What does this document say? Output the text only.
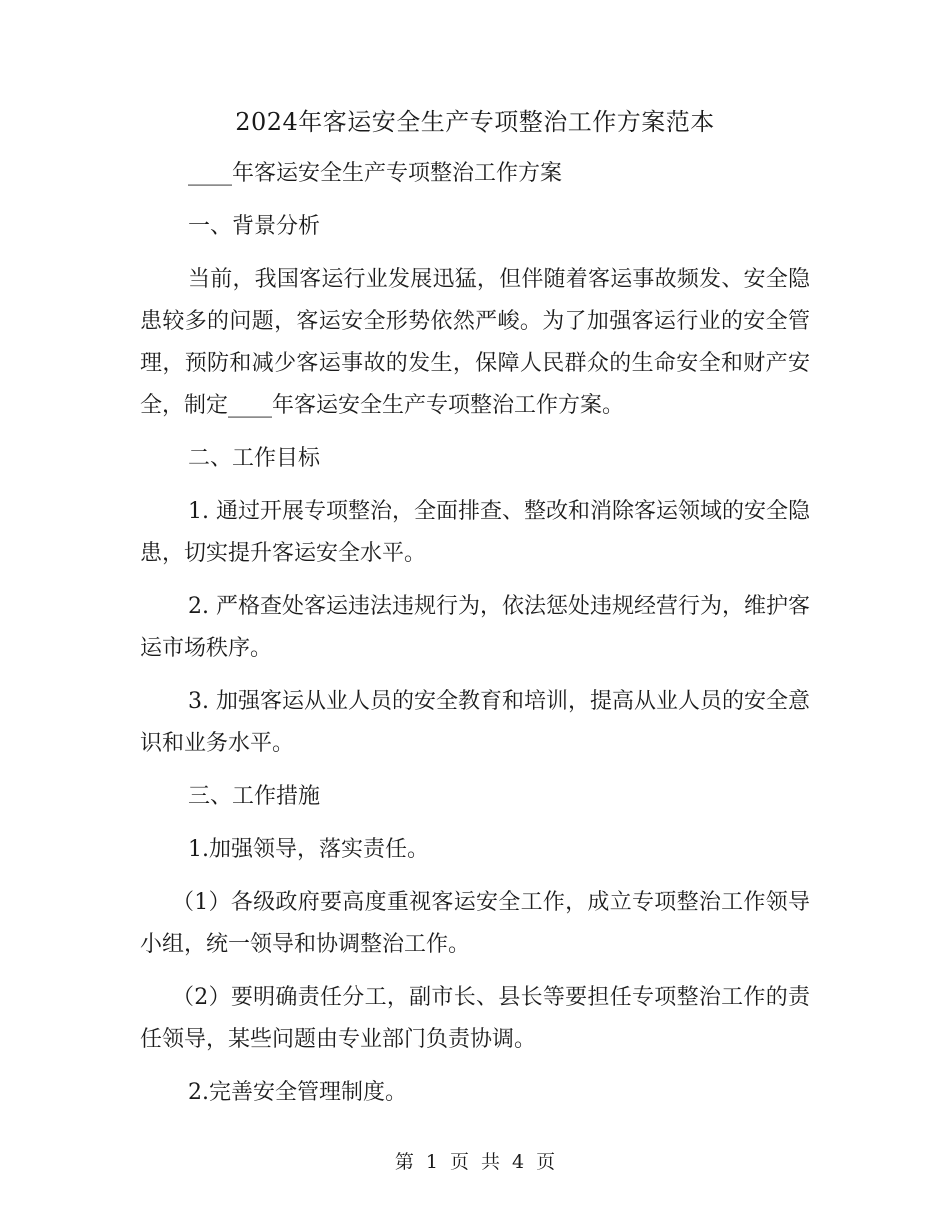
2024年客运安全生产专项整治工作方案范本

____年客运安全生产专项整治工作方案

一、背景分析

当前，我国客运行业发展迅猛，但伴随着客运事故频发、安全隐患较多的问题，客运安全形势依然严峻。为了加强客运行业的安全管理，预防和减少客运事故的发生，保障人民群众的生命安全和财产安全，制定____年客运安全生产专项整治工作方案。

二、工作目标

1. 通过开展专项整治，全面排查、整改和消除客运领域的安全隐患，切实提升客运安全水平。

2. 严格查处客运违法违规行为，依法惩处违规经营行为，维护客运市场秩序。

3. 加强客运从业人员的安全教育和培训，提高从业人员的安全意识和业务水平。

三、工作措施

1.加强领导，落实责任。

（1）各级政府要高度重视客运安全工作，成立专项整治工作领导小组，统一领导和协调整治工作。

（2）要明确责任分工，副市长、县长等要担任专项整治工作的责任领导，某些问题由专业部门负责协调。

2.完善安全管理制度。

第 1 页 共 4 页
